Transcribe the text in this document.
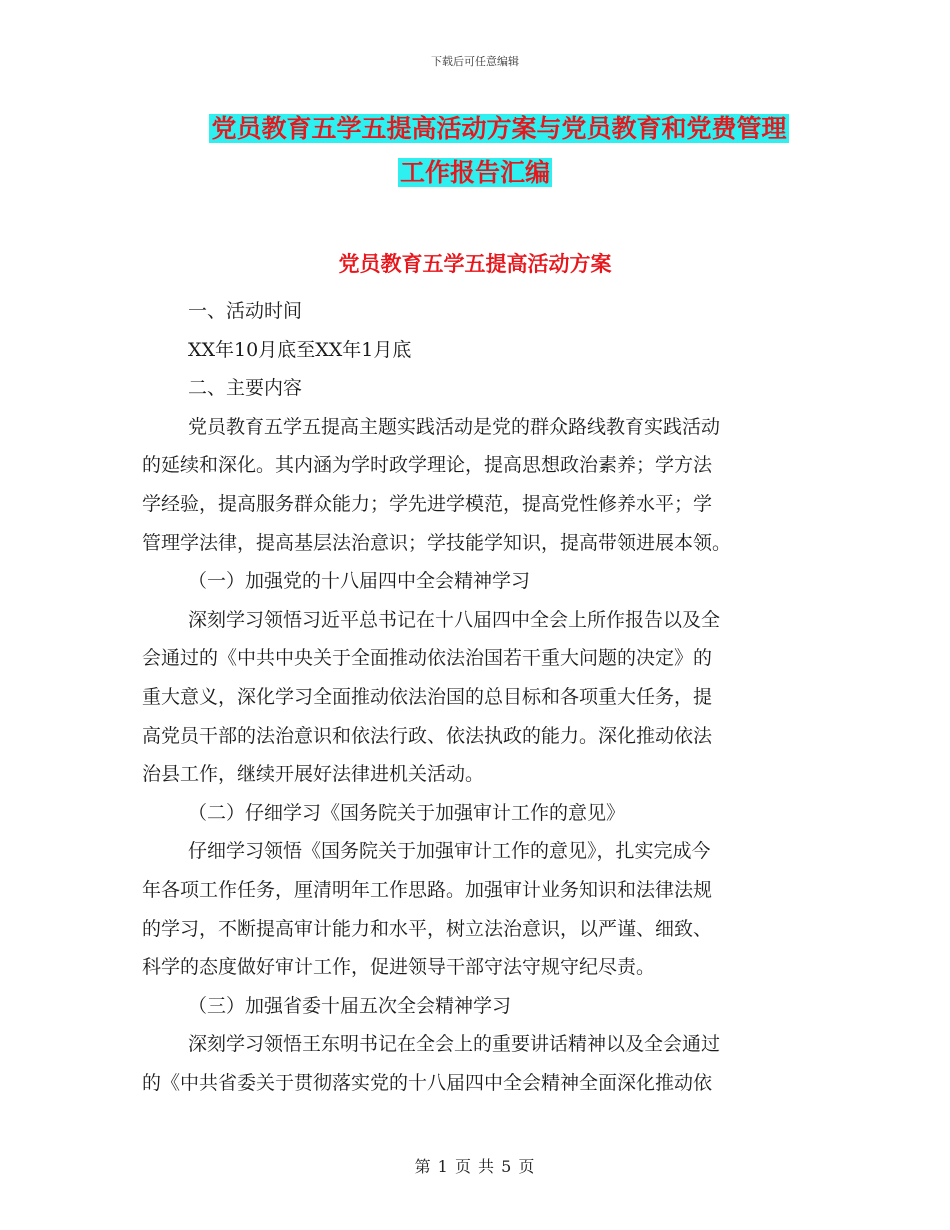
下载后可任意编辑
党员教育五学五提高活动方案与党员教育和党费管理
工作报告汇编
党员教育五学五提高活动方案
一、活动时间
XX年10月底至XX年1月底
二、主要内容
党员教育五学五提高主题实践活动是党的群众路线教育实践活动
的延续和深化。其内涵为学时政学理论，提高思想政治素养；学方法
学经验，提高服务群众能力；学先进学模范，提高党性修养水平；学
管理学法律，提高基层法治意识；学技能学知识，提高带领进展本领。
（一）加强党的十八届四中全会精神学习
深刻学习领悟习近平总书记在十八届四中全会上所作报告以及全
会通过的《中共中央关于全面推动依法治国若干重大问题的决定》的
重大意义，深化学习全面推动依法治国的总目标和各项重大任务，提
高党员干部的法治意识和依法行政、依法执政的能力。深化推动依法
治县工作，继续开展好法律进机关活动。
（二）仔细学习《国务院关于加强审计工作的意见》
仔细学习领悟《国务院关于加强审计工作的意见》，扎实完成今
年各项工作任务，厘清明年工作思路。加强审计业务知识和法律法规
的学习，不断提高审计能力和水平，树立法治意识，以严谨、细致、
科学的态度做好审计工作，促进领导干部守法守规守纪尽责。
（三）加强省委十届五次全会精神学习
深刻学习领悟王东明书记在全会上的重要讲话精神以及全会通过
的《中共省委关于贯彻落实党的十八届四中全会精神全面深化推动依
第 1 页 共 5 页
